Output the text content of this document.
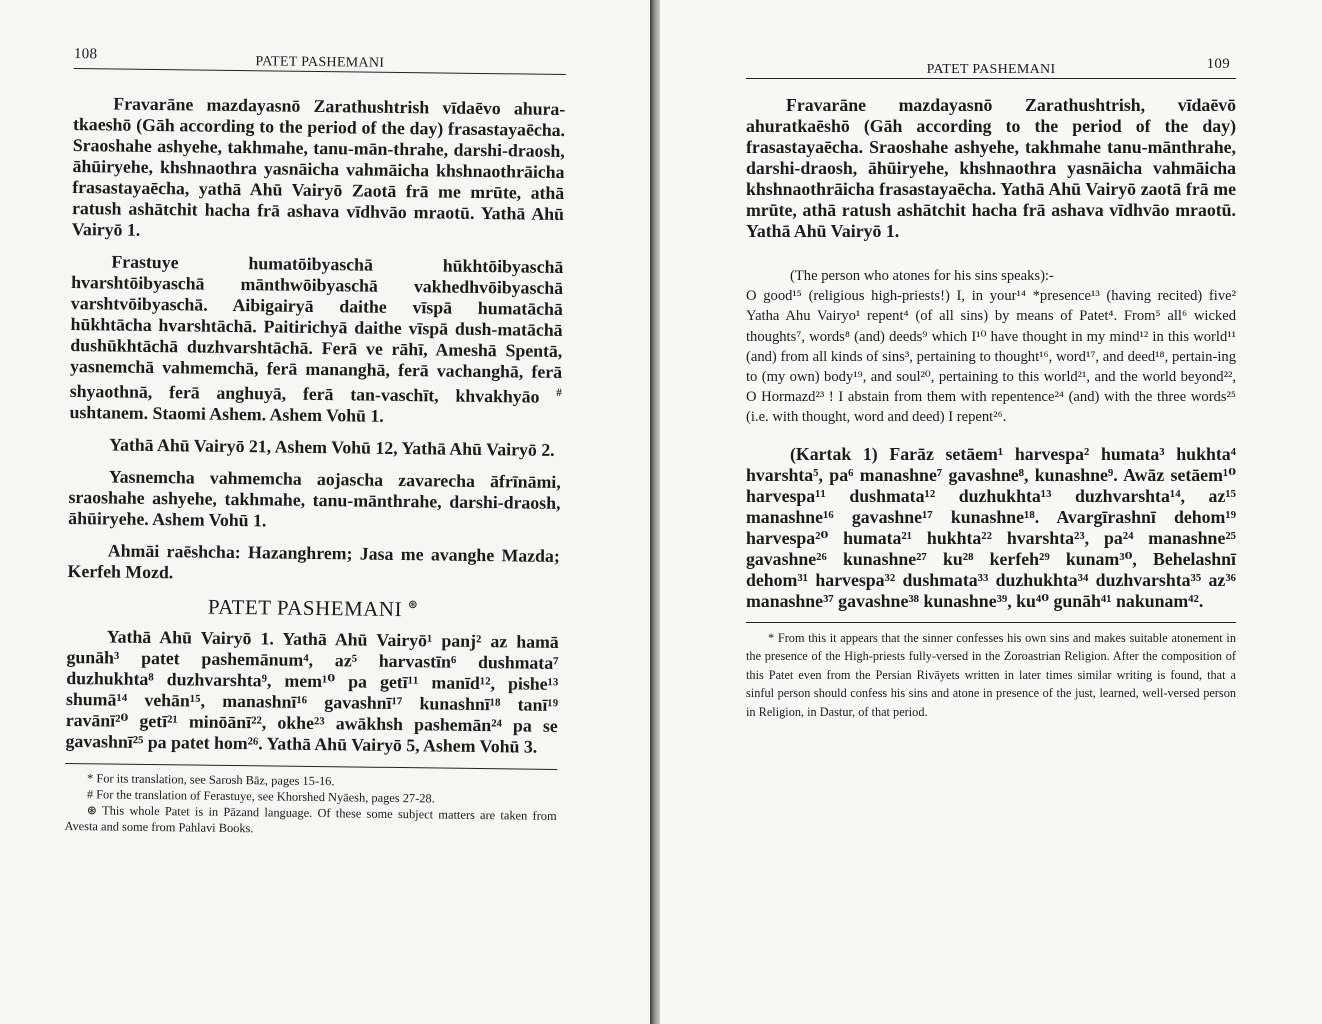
108
PATET PASHEMANI

Fravarāne mazdayasnō Zarathushtrish vīdaēvo ahura-tkaeshō (Gāh according to the period of the day) frasastayaēcha. Sraoshahe ashyehe, takhmahe, tanu-mān-thrahe, darshi-draosh, āhūiryehe, khshnaothra yasnāicha vahmāicha khshnaothrāicha frasastayaēcha, yathā Ahū Vairyō Zaotā frā me mrūte, athā ratush ashātchit hacha frā ashava vīdhvāo mraotū. Yathā Ahū Vairyō 1.

Frastuye humatōibyaschā hūkhtōibyaschā hvarshtōibyaschā mānthwōibyaschā vakhedhvōibyaschā varshtvōibyaschā. Aibigairyā daithe vīspā humatāchā hūkhtācha hvarshtāchā. Paitirichyā daithe vīspā dush-matāchā dushūkhtāchā duzhvarshtāchā. Ferā ve rāhī, Ameshā Spentā, yasnemchā vahmemchā, ferā mananghā, ferā vachanghā, ferā shyaothnā, ferā anghuyā, ferā tan-vaschīt, khvakhyāo # ushtanem. Staomi Ashem. Ashem Vohū 1.

Yathā Ahū Vairyō 21, Ashem Vohū 12, Yathā Ahū Vairyō 2.

Yasnemcha vahmemcha aojascha zavarecha āfrīnāmi, sraoshahe ashyehe, takhmahe, tanu-mānthrahe, darshi-draosh, āhūiryehe. Ashem Vohū 1.

Ahmāi raēshcha: Hazanghrem; Jasa me avanghe Mazda; Kerfeh Mozd.

PATET PASHEMANI ⊛

Yathā Ahū Vairyō 1. Yathā Ahū Vairyō¹ panj² az hamā gunāh³ patet pashemānum⁴, az⁵ harvastīn⁶ dushmata⁷ duzhukhta⁸ duzhvarshta⁹, mem¹⁰ pa getī¹¹ manīd¹², pishe¹³ shumā¹⁴ vehān¹⁵, manashnī¹⁶ gavashnī¹⁷ kunashnī¹⁸ tanī¹⁹ ravānī²⁰ getī²¹ minōānī²², okhe²³ awākhsh pashemān²⁴ pa se gavashnī²⁵ pa patet hom²⁶. Yathā Ahū Vairyō 5, Ashem Vohū 3.

* For its translation, see Sarosh Bāz, pages 15-16.

# For the translation of Ferastuye, see Khorshed Nyāesh, pages 27-28.

⊛ This whole Patet is in Pāzand language. Of these some subject matters are taken from Avesta and some from Pahlavi Books.

PATET PASHEMANI	109

Fravarāne mazdayasnō Zarathushtrish, vīdaēvō ahuratkaēshō (Gāh according to the period of the day) frasastayaēcha. Sraoshahe ashyehe, takhmahe tanu-mānthrahe, darshi-draosh, āhūiryehe, khshnaothra yasnāicha vahmāicha khshnaothrāicha frasastayaēcha. Yathā Ahū Vairyō zaotā frā me mrūte, athā ratush ashātchit hacha frā ashava vīdhvāo mraotū. Yathā Ahū Vairyō 1.

(The person who atones for his sins speaks):-

O good¹⁵ (religious high-priests!) I, in your¹⁴ *presence¹³ (having recited) five² Yatha Ahu Vairyo¹ repent⁴ (of all sins) by means of Patet⁴. From⁵ all⁶ wicked thoughts⁷, words⁸ (and) deeds⁹ which I¹⁰ have thought in my mind¹² in this world¹¹ (and) from all kinds of sins³, pertaining to thought¹⁶, word¹⁷, and deed¹⁸, pertain-ing to (my own) body¹⁹, and soul²⁰, pertaining to this world²¹, and the world beyond²², O Hormazd²³ ! I abstain from them with repentence²⁴ (and) with the three words²⁵ (i.e. with thought, word and deed) I repent²⁶.

(Kartak 1) Farāz setāem¹ harvespa² humata³ hukhta⁴ hvarshta⁵, pa⁶ manashne⁷ gavashne⁸, kunashne⁹. Awāz setāem¹⁰ harvespa¹¹ dushmata¹² duzhukhta¹³ duzhvarshta¹⁴, az¹⁵ manashne¹⁶ gavashne¹⁷ kunashne¹⁸. Avargīrashnī dehom¹⁹ harvespa²⁰ humata²¹ hukhta²² hvarshta²³, pa²⁴ manashne²⁵ gavashne²⁶ kunashne²⁷ ku²⁸ kerfeh²⁹ kunam³⁰, Behelashnī dehom³¹ harvespa³² dushmata³³ duzhukhta³⁴ duzhvarshta³⁵ az³⁶ manashne³⁷ gavashne³⁸ kunashne³⁹, ku⁴⁰ gunāh⁴¹ nakunam⁴².

* From this it appears that the sinner confesses his own sins and makes suitable atonement in the presence of the High-priests fully-versed in the Zoroastrian Religion. After the composition of this Patet even from the Persian Rivāyets written in later times similar writing is found, that a sinful person should confess his sins and atone in presence of the just, learned, well-versed person in Religion, in Dastur, of that period.
